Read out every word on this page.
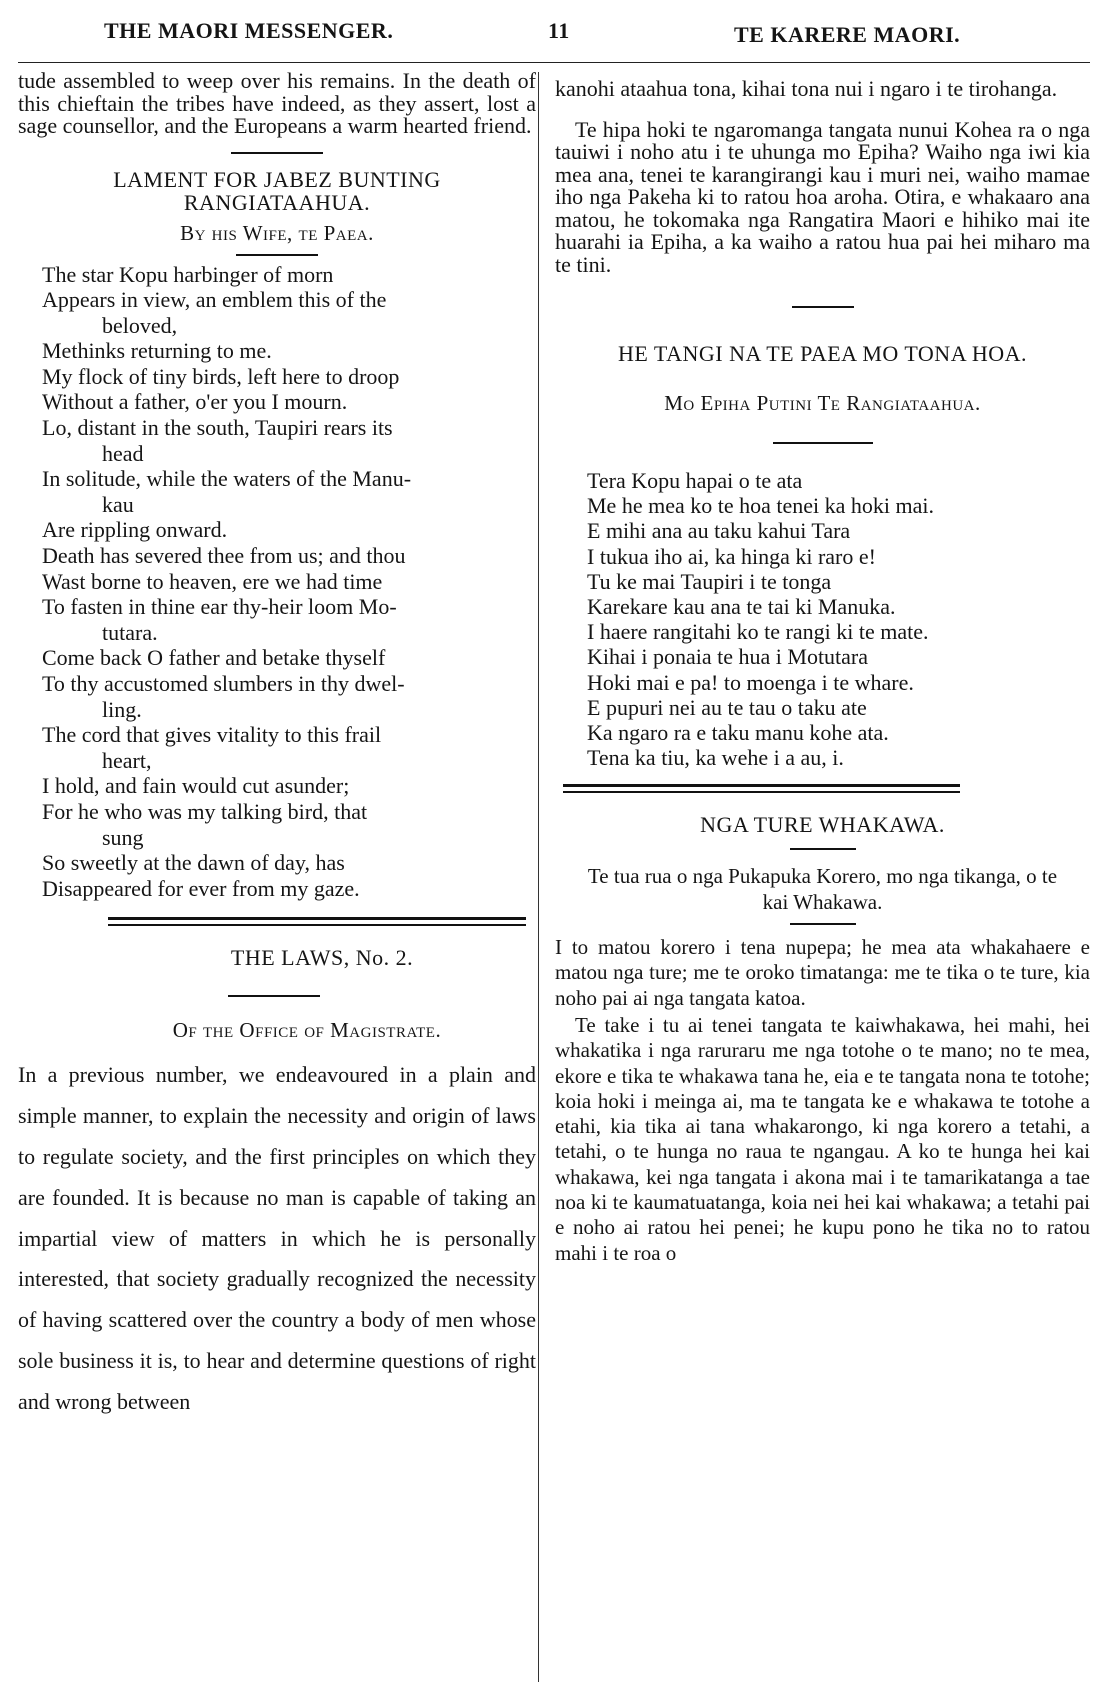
THE MAORI MESSENGER.	11	TE KARERE MAORI.

tude assembled to weep over his remains. In the death of this chieftain the tribes have indeed, as they assert, lost a sage counsellor, and the Europeans a warm hearted friend.

LAMENT FOR JABEZ BUNTING RANGIATAAHUA.

By his Wife, te Paea.

The star Kopu harbinger of morn
Appears in view, an emblem this of the
beloved,
Methinks returning to me.
My flock of tiny birds, left here to droop
Without a father, o'er you I mourn.
Lo, distant in the south, Taupiri rears its
head
In solitude, while the waters of the Manu-
kau
Are rippling onward.
Death has severed thee from us; and thou
Wast borne to heaven, ere we had time
To fasten in thine ear thy-heir loom Mo-
tutara.
Come back O father and betake thyself
To thy accustomed slumbers in thy dwel-
ling.
The cord that gives vitality to this frail
heart,
I hold, and fain would cut asunder;
For he who was my talking bird, that
sung
So sweetly at the dawn of day, has
Disappeared for ever from my gaze.
THE LAWS, No. 2.

Of the Office of Magistrate.

In a previous number, we endeavoured in a plain and simple manner, to explain the necessity and origin of laws to regulate society, and the first principles on which they are founded. It is because no man is capable of taking an impartial view of matters in which he is personally interested, that society gradually recognized the necessity of having scattered over the country a body of men whose sole business it is, to hear and determine questions of right and wrong between

kanohi ataahua tona, kihai tona nui i ngaro i te tirohanga.

Te hipa hoki te ngaromanga tangata nunui Kohea ra o nga tauiwi i noho atu i te uhunga mo Epiha? Waiho nga iwi kia mea ana, tenei te karangirangi kau i muri nei, waiho mamae iho nga Pakeha ki to ratou hoa aroha. Otira, e whakaaro ana matou, he tokomaka nga Rangatira Maori e hihiko mai ite huarahi ia Epiha, a ka waiho a ratou hua pai hei miharo ma te tini.

HE TANGI NA TE PAEA MO TONA HOA.

Mo Epiha Putini Te Rangiataahua.

Tera Kopu hapai o te ata
Me he mea ko te hoa tenei ka hoki mai.
E mihi ana au taku kahui Tara
I tukua iho ai, ka hinga ki raro e!
Tu ke mai Taupiri i te tonga
Karekare kau ana te tai ki Manuka.
I haere rangitahi ko te rangi ki te mate.
Kihai i ponaia te hua i Motutara
Hoki mai e pa! to moenga i te whare.
E pupuri nei au te tau o taku ate
Ka ngaro ra e taku manu kohe ata.
Tena ka tiu, ka wehe i a au, i.
NGA TURE WHAKAWA.

Te tua rua o nga Pukapuka Korero, mo nga tikanga, o te kai Whakawa.

I to matou korero i tena nupepa; he mea ata whakahaere e matou nga ture; me te oroko timatanga: me te tika o te ture, kia noho pai ai nga tangata katoa.

Te take i tu ai tenei tangata te kaiwhakawa, hei mahi, hei whakatika i nga raruraru me nga totohe o te mano; no te mea, ekore e tika te whakawa tana he, eia e te tangata nona te totohe; koia hoki i meinga ai, ma te tangata ke e whakawa te totohe a etahi, kia tika ai tana whakarongo, ki nga korero a tetahi, a tetahi, o te hunga no raua te ngangau. A ko te hunga hei kai whakawa, kei nga tangata i akona mai i te tamarikatanga a tae noa ki te kaumatuatanga, koia nei hei kai whakawa; a tetahi pai e noho ai ratou hei penei; he kupu pono he tika no to ratou mahi i te roa o
